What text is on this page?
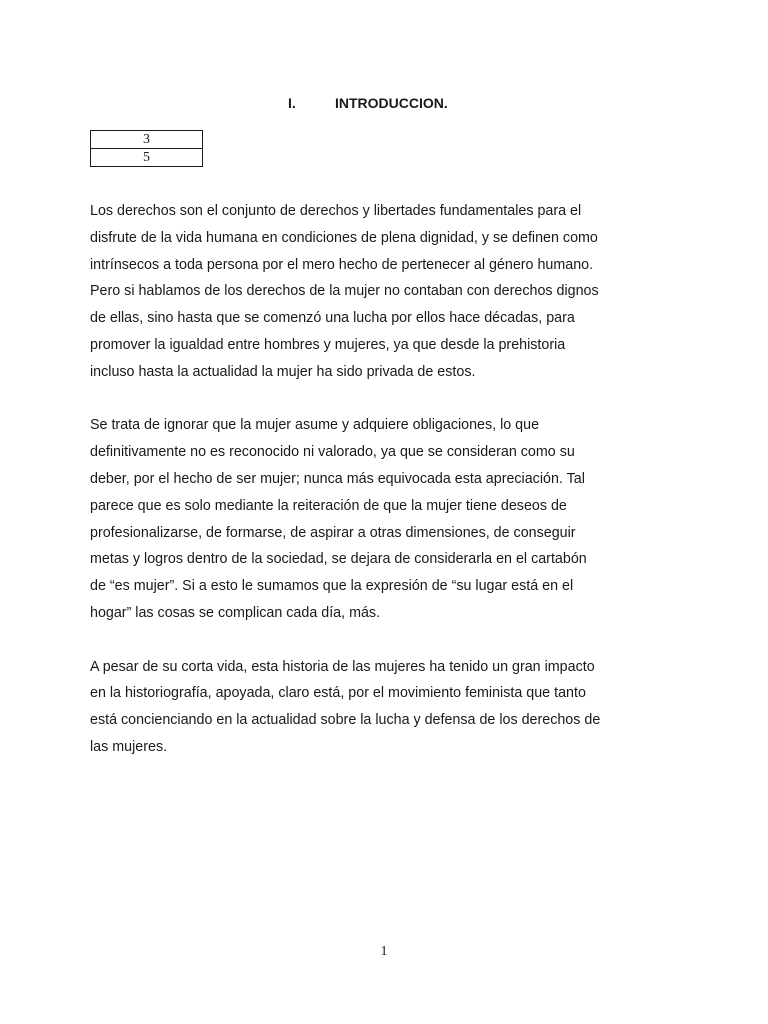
I.	INTRODUCCION.
3
5

Los derechos son el conjunto de derechos y libertades fundamentales para el
disfrute de la vida humana en condiciones de plena dignidad, y se definen como
intrínsecos a toda persona por el mero hecho de pertenecer al género humano.
Pero si hablamos de los derechos de la mujer no contaban con derechos dignos
de ellas, sino hasta que se comenzó una lucha por ellos hace décadas, para
promover la igualdad entre hombres y mujeres, ya que desde la prehistoria
incluso hasta la actualidad la mujer ha sido privada de estos.

Se trata de ignorar que la mujer asume y adquiere obligaciones, lo que
definitivamente no es reconocido ni valorado, ya que se consideran como su
deber, por el hecho de ser mujer; nunca más equivocada esta apreciación. Tal
parece que es solo mediante la reiteración de que la mujer tiene deseos de
profesionalizarse, de formarse, de aspirar a otras dimensiones, de conseguir
metas y logros dentro de la sociedad, se dejara de considerarla en el cartabón
de “es mujer”. Si a esto le sumamos que la expresión de “su lugar está en el
hogar” las cosas se complican cada día, más.

A pesar de su corta vida, esta historia de las mujeres ha tenido un gran impacto
en la historiografía, apoyada, claro está, por el movimiento feminista que tanto
está concienciando en la actualidad sobre la lucha y defensa de los derechos de
las mujeres.

1
